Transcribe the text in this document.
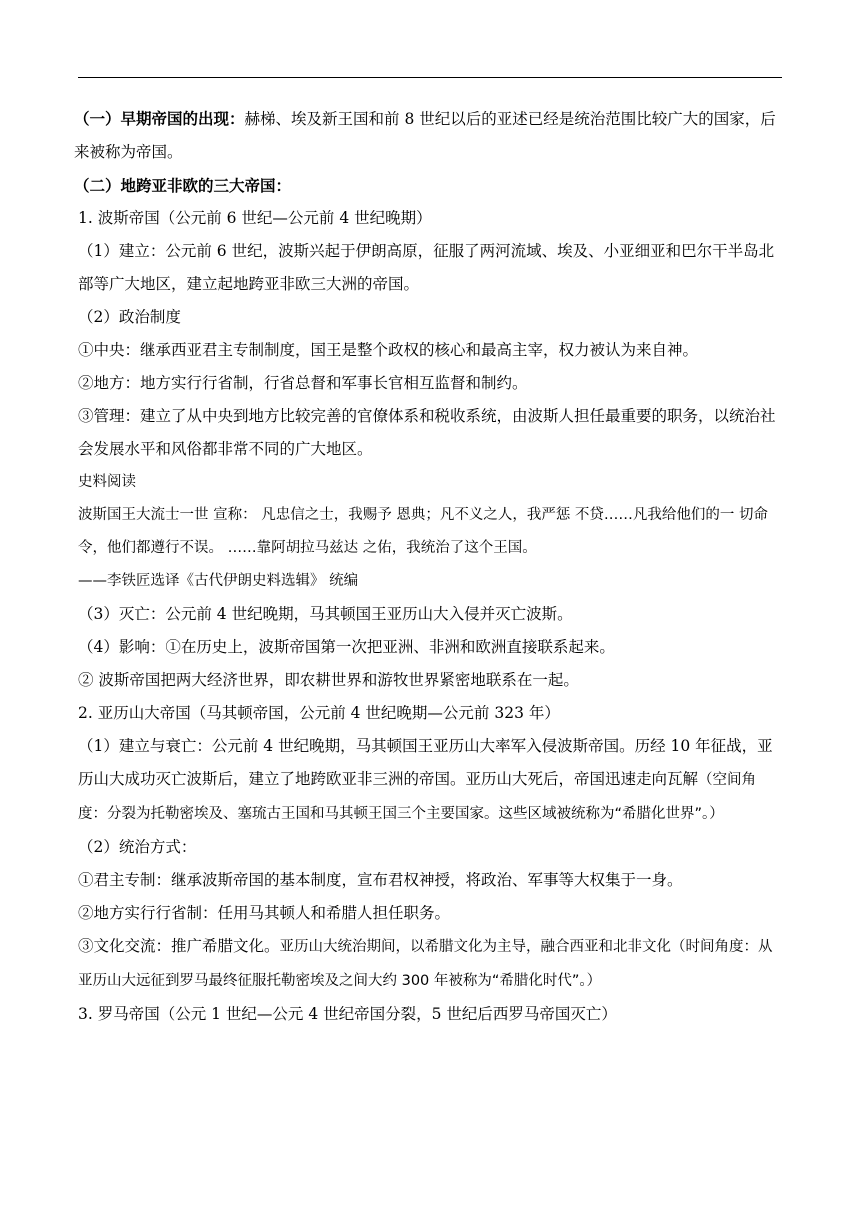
（一）早期帝国的出现：赫梯、埃及新王国和前 8 世纪以后的亚述已经是统治范围比较广大的国家，后来被称为帝国。

（二）地跨亚非欧的三大帝国：

1. 波斯帝国（公元前 6 世纪—公元前 4 世纪晚期）

（1）建立：公元前 6 世纪，波斯兴起于伊朗高原，征服了两河流域、埃及、小亚细亚和巴尔干半岛北部等广大地区，建立起地跨亚非欧三大洲的帝国。

（2）政治制度

①中央：继承西亚君主专制制度，国王是整个政权的核心和最高主宰，权力被认为来自神。

②地方：地方实行行省制，行省总督和军事长官相互监督和制约。

③管理：建立了从中央到地方比较完善的官僚体系和税收系统，由波斯人担任最重要的职务，以统治社会发展水平和风俗都非常不同的广大地区。

史料阅读

波斯国王大流士一世 宣称： 凡忠信之士，我赐予 恩典；凡不义之人，我严惩 不贷……凡我给他们的一 切命令，他们都遵行不误。 ……靠阿胡拉马兹达 之佑，我统治了这个王国。

——李铁匠选译《古代伊朗史料选辑》 统编

（3）灭亡：公元前 4 世纪晚期，马其顿国王亚历山大入侵并灭亡波斯。

（4）影响：①在历史上，波斯帝国第一次把亚洲、非洲和欧洲直接联系起来。

② 波斯帝国把两大经济世界，即农耕世界和游牧世界紧密地联系在一起。

2. 亚历山大帝国（马其顿帝国，公元前 4 世纪晚期—公元前 323 年）

（1）建立与衰亡：公元前 4 世纪晚期，马其顿国王亚历山大率军入侵波斯帝国。历经 10 年征战，亚历山大成功灭亡波斯后，建立了地跨欧亚非三洲的帝国。亚历山大死后，帝国迅速走向瓦解（空间角度：分裂为托勒密埃及、塞琉古王国和马其顿王国三个主要国家。这些区域被统称为“希腊化世界”。）

（2）统治方式：

①君主专制：继承波斯帝国的基本制度，宣布君权神授，将政治、军事等大权集于一身。

②地方实行行省制：任用马其顿人和希腊人担任职务。

③文化交流：推广希腊文化。亚历山大统治期间，以希腊文化为主导，融合西亚和北非文化（时间角度：从亚历山大远征到罗马最终征服托勒密埃及之间大约 300 年被称为“希腊化时代”。）

3. 罗马帝国（公元 1 世纪—公元 4 世纪帝国分裂，5 世纪后西罗马帝国灭亡）
